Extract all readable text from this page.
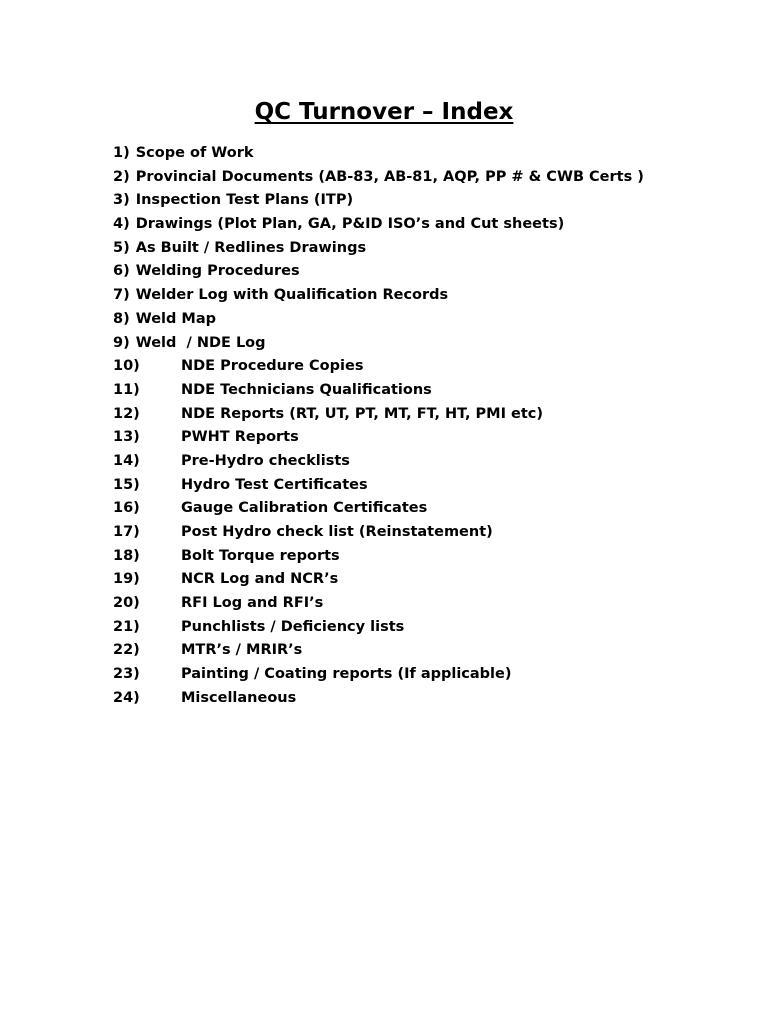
QC Turnover – Index
1) Scope of Work
2) Provincial Documents (AB-83, AB-81, AQP, PP # & CWB Certs )
3) Inspection Test Plans (ITP)
4) Drawings (Plot Plan, GA, P&ID ISO’s and Cut sheets)
5) As Built / Redlines Drawings
6) Welding Procedures
7) Welder Log with Qualification Records
8) Weld Map
9) Weld  / NDE Log
10)	NDE Procedure Copies
11)	NDE Technicians Qualifications
12)	NDE Reports (RT, UT, PT, MT, FT, HT, PMI etc)
13)	PWHT Reports
14)	Pre-Hydro checklists
15)	Hydro Test Certificates
16)	Gauge Calibration Certificates
17)	Post Hydro check list (Reinstatement)
18)	Bolt Torque reports
19)	NCR Log and NCR’s
20)	RFI Log and RFI’s
21)	Punchlists / Deficiency lists
22)	MTR’s / MRIR’s
23)	Painting / Coating reports (If applicable)
24)	Miscellaneous
